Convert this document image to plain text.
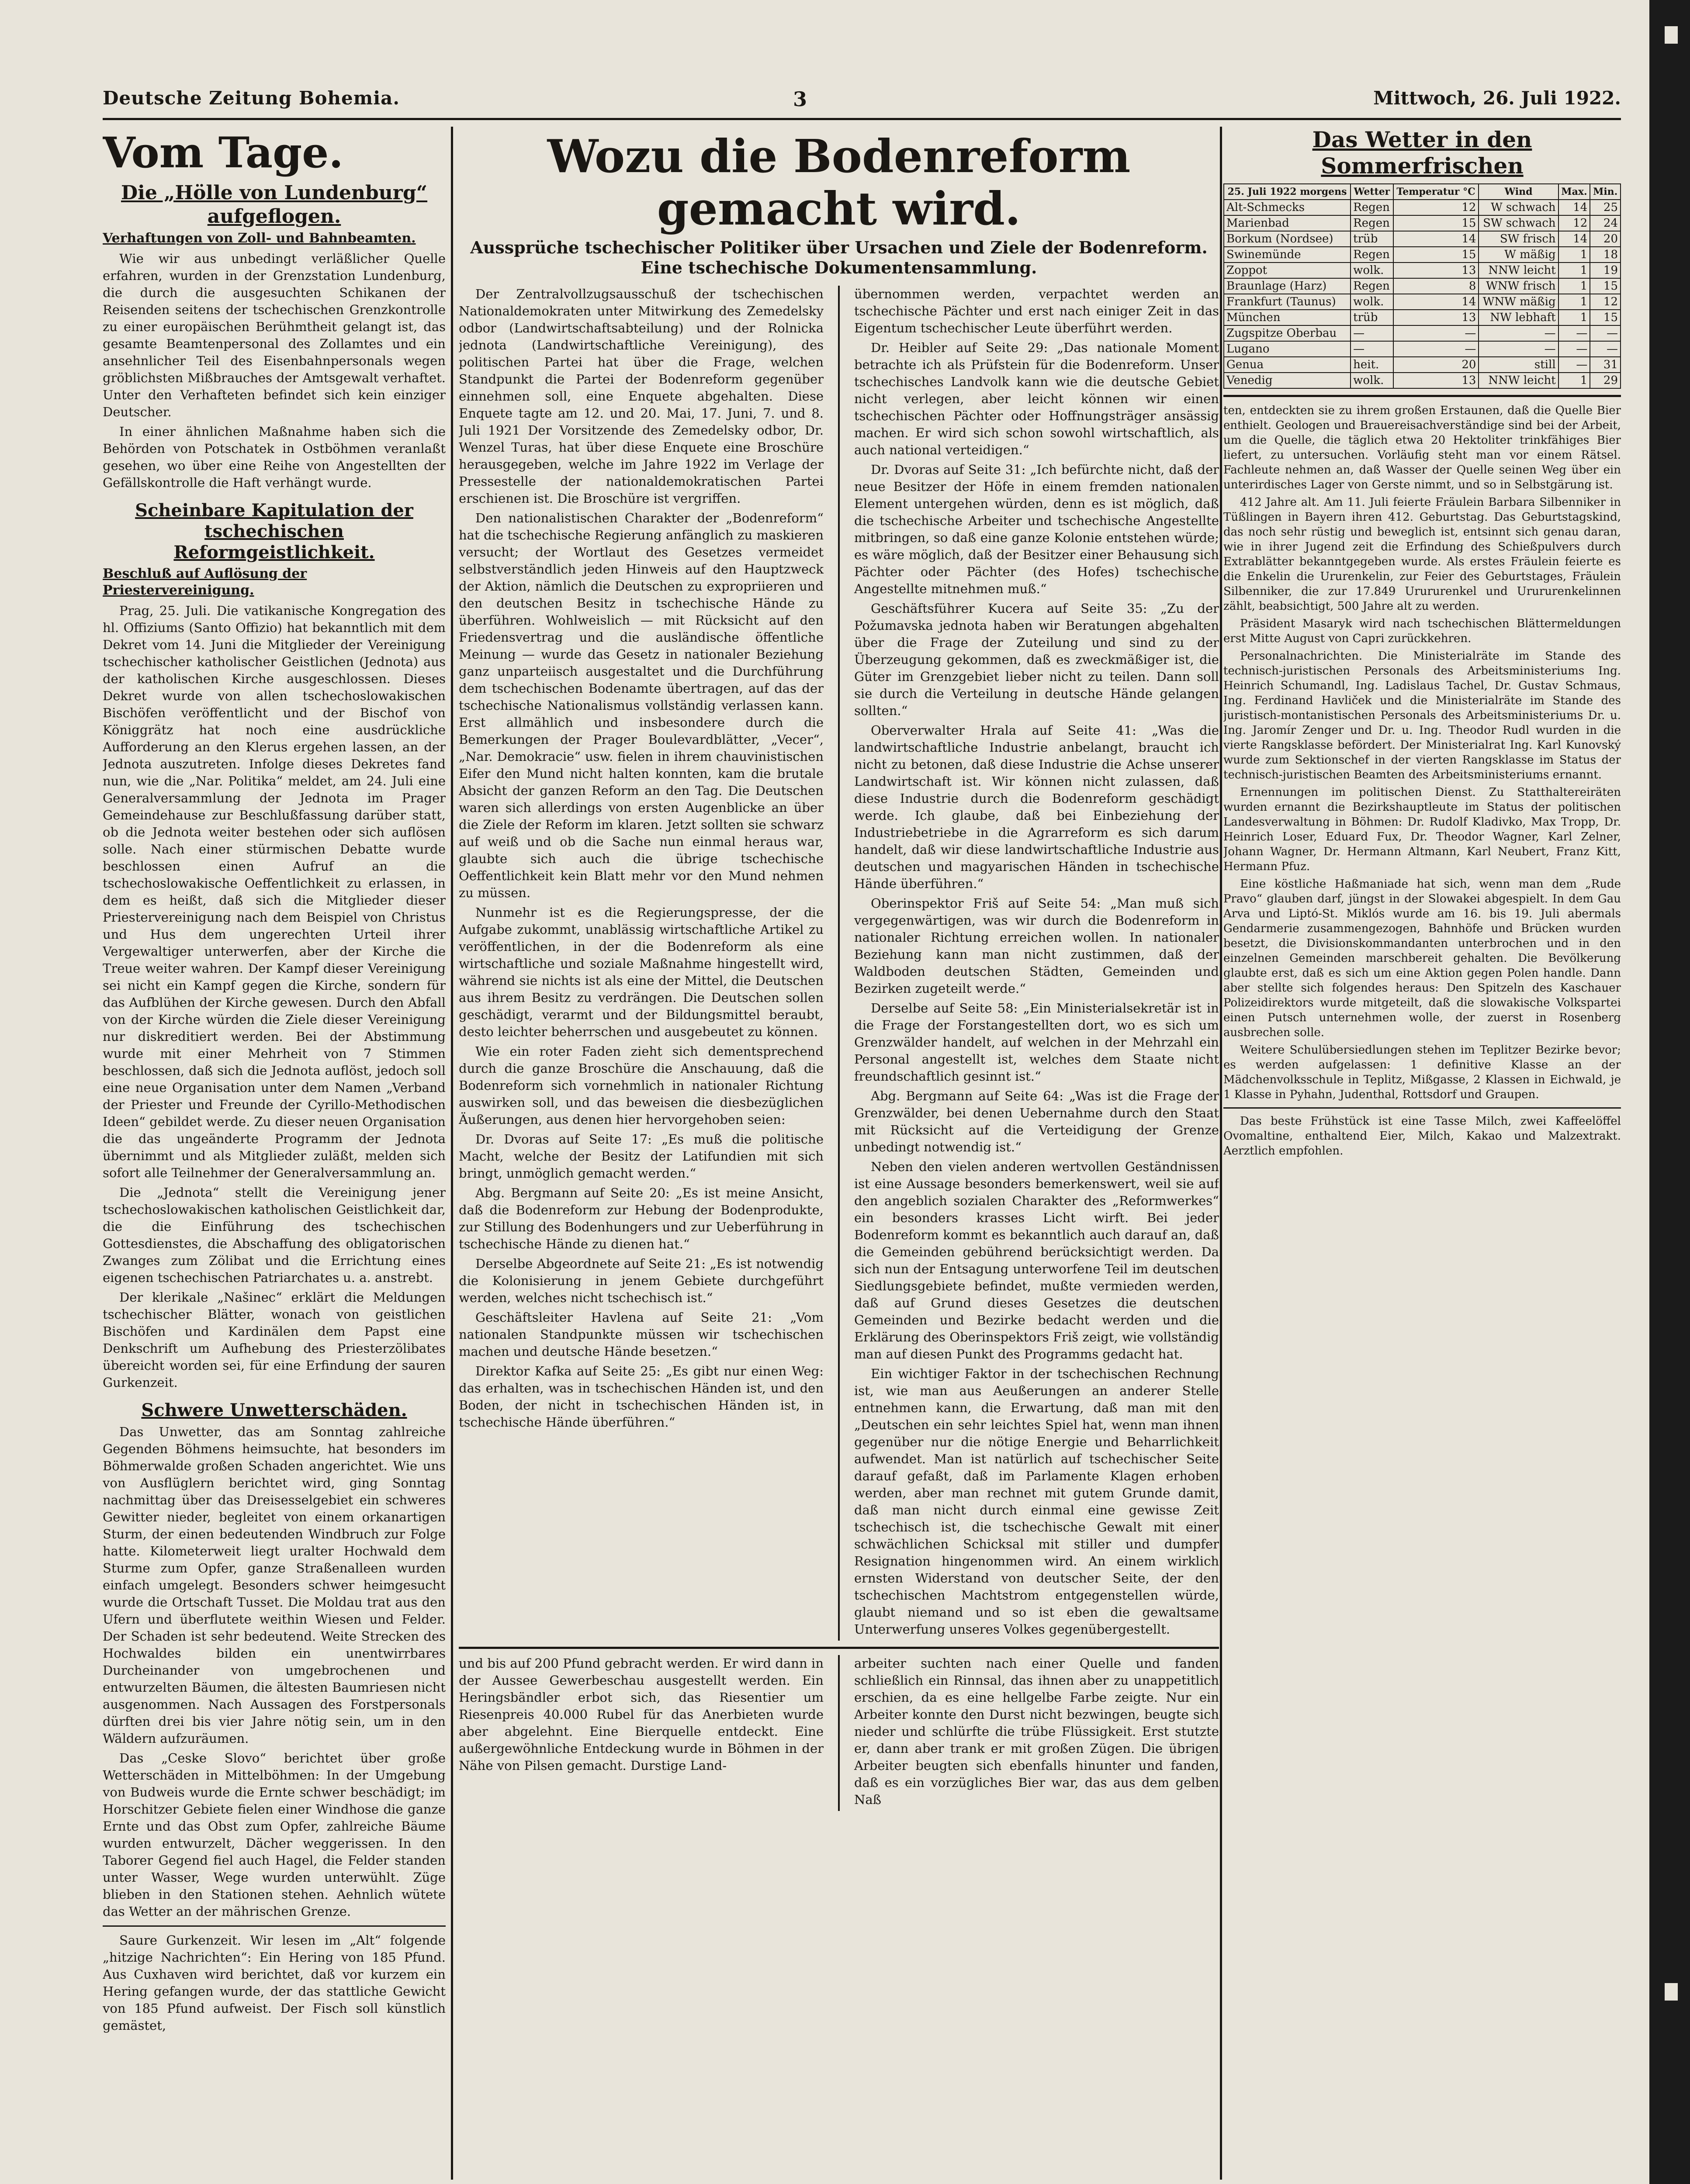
Deutsche Zeitung Bohemia.	3	Mittwoch, 26. Juli 1922.
Vom Tage.
Die „Hölle von Lundenburg“ aufgeflogen.
Verhaftungen von Zoll- und Bahnbeamten.

Wie wir aus unbedingt verläßlicher Quelle erfahren, wurden in der Grenzstation Lundenburg, die durch die ausgesuchten Schikanen der Reisenden seitens der tschechischen Grenzkontrolle zu einer europäischen Berühmtheit gelangt ist, das gesamte Beamtenpersonal des Zollamtes und ein ansehnlicher Teil des Eisenbahnpersonals wegen gröblichsten Mißbrauches der Amtsgewalt verhaftet. Unter den Verhafteten befindet sich kein einziger Deutscher.

In einer ähnlichen Maßnahme haben sich die Behörden von Potschatek in Ostböhmen veranlaßt gesehen, wo über eine Reihe von Angestellten der Gefällskontrolle die Haft verhängt wurde.

Scheinbare Kapitulation der tschechischen Reformgeistlichkeit.
Beschluß auf Auflösung der Priestervereinigung.

Prag, 25. Juli. Die vatikanische Kongregation des hl. Offiziums (Santo Offizio) hat bekanntlich mit dem Dekret vom 14. Juni die Mitglieder der Vereinigung tschechischer katholischer Geistlichen (Jednota) aus der katholischen Kirche ausgeschlossen. Dieses Dekret wurde von allen tschechoslowakischen Bischöfen veröffentlicht und der Bischof von Königgrätz hat noch eine ausdrückliche Aufforderung an den Klerus ergehen lassen, an der Jednota auszutreten. Infolge dieses Dekretes fand nun, wie die „Nar. Politika“ meldet, am 24. Juli eine Generalversammlung der Jednota im Prager Gemeindehause zur Beschlußfassung darüber statt, ob die Jednota weiter bestehen oder sich auflösen solle. Nach einer stürmischen Debatte wurde beschlossen einen Aufruf an die tschechoslowakische Oeffentlichkeit zu erlassen, in dem es heißt, daß sich die Mitglieder dieser Priestervereinigung nach dem Beispiel von Christus und Hus dem ungerechten Urteil ihrer Vergewaltiger unterwerfen, aber der Kirche die Treue weiter wahren. Der Kampf dieser Vereinigung sei nicht ein Kampf gegen die Kirche, sondern für das Aufblühen der Kirche gewesen. Durch den Abfall von der Kirche würden die Ziele dieser Vereinigung nur diskreditiert werden. Bei der Abstimmung wurde mit einer Mehrheit von 7 Stimmen beschlossen, daß sich die Jednota auflöst, jedoch soll eine neue Organisation unter dem Namen „Verband der Priester und Freunde der Cyrillo-Methodischen Ideen“ gebildet werde. Zu dieser neuen Organisation die das ungeänderte Programm der Jednota übernimmt und als Mitglieder zuläßt, melden sich sofort alle Teilnehmer der Generalversammlung an.

Die „Jednota“ stellt die Vereinigung jener tschechoslowakischen katholischen Geistlichkeit dar, die die Einführung des tschechischen Gottesdienstes, die Abschaffung des obligatorischen Zwanges zum Zölibat und die Errichtung eines eigenen tschechischen Patriarchates u. a. anstrebt.

Der klerikale „Našinec“ erklärt die Meldungen tschechischer Blätter, wonach von geistlichen Bischöfen und Kardinälen dem Papst eine Denkschrift um Aufhebung des Priesterzölibates übereicht worden sei, für eine Erfindung der sauren Gurkenzeit.

Schwere Unwetterschäden.

Das Unwetter, das am Sonntag zahlreiche Gegenden Böhmens heimsuchte, hat besonders im Böhmerwalde großen Schaden angerichtet. Wie uns von Ausflüglern berichtet wird, ging Sonntag nachmittag über das Dreisesselgebiet ein schweres Gewitter nieder, begleitet von einem orkanartigen Sturm, der einen bedeutenden Windbruch zur Folge hatte. Kilometerweit liegt uralter Hochwald dem Sturme zum Opfer, ganze Straßenalleen wurden einfach umgelegt. Besonders schwer heimgesucht wurde die Ortschaft Tusset. Die Moldau trat aus den Ufern und überflutete weithin Wiesen und Felder. Der Schaden ist sehr bedeutend. Weite Strecken des Hochwaldes bilden ein unentwirrbares Durcheinander von umgebrochenen und entwurzelten Bäumen, die ältesten Baumriesen nicht ausgenommen. Nach Aussagen des Forstpersonals dürften drei bis vier Jahre nötig sein, um in den Wäldern aufzuräumen.

Das „Ceske Slovo“ berichtet über große Wetterschäden in Mittelböhmen: In der Umgebung von Budweis wurde die Ernte schwer beschädigt; im Horschitzer Gebiete fielen einer Windhose die ganze Ernte und das Obst zum Opfer, zahlreiche Bäume wurden entwurzelt, Dächer weggerissen. In den Taborer Gegend fiel auch Hagel, die Felder standen unter Wasser, Wege wurden unterwühlt. Züge blieben in den Stationen stehen. Aehnlich wütete das Wetter an der mährischen Grenze.

Saure Gurkenzeit. Wir lesen im „Alt“ folgende „hitzige Nachrichten“: Ein Hering von 185 Pfund. Aus Cuxhaven wird berichtet, daß vor kurzem ein Hering gefangen wurde, der das stattliche Gewicht von 185 Pfund aufweist. Der Fisch soll künstlich gemästet,

Wozu die Bodenreform gemacht wird.
Aussprüche tschechischer Politiker über Ursachen und Ziele der Bodenreform.
Eine tschechische Dokumentensammlung.

Der Zentralvollzugsausschuß der tschechischen Nationaldemokraten unter Mitwirkung des Zemedelsky odbor (Landwirtschaftsabteilung) und der Rolnicka jednota (Landwirtschaftliche Vereinigung), des politischen Partei hat über die Frage, welchen Standpunkt die Partei der Bodenreform gegenüber einnehmen soll, eine Enquete abgehalten. Diese Enquete tagte am 12. und 20. Mai, 17. Juni, 7. und 8. Juli 1921 Der Vorsitzende des Zemedelsky odbor, Dr. Wenzel Turas, hat über diese Enquete eine Broschüre herausgegeben, welche im Jahre 1922 im Verlage der Pressestelle der nationaldemokratischen Partei erschienen ist. Die Broschüre ist vergriffen.

Den nationalistischen Charakter der „Bodenreform“ hat die tschechische Regierung anfänglich zu maskieren versucht; der Wortlaut des Gesetzes vermeidet selbstverständlich jeden Hinweis auf den Hauptzweck der Aktion, nämlich die Deutschen zu expropriieren und den deutschen Besitz in tschechische Hände zu überführen. Wohlweislich — mit Rücksicht auf den Friedensvertrag und die ausländische öffentliche Meinung — wurde das Gesetz in nationaler Beziehung ganz unparteiisch ausgestaltet und die Durchführung dem tschechischen Bodenamte übertragen, auf das der tschechische Nationalismus vollständig verlassen kann. Erst allmählich und insbesondere durch die Bemerkungen der Prager Boulevardblätter, „Vecer“, „Nar. Demokracie“ usw. fielen in ihrem chauvinistischen Eifer den Mund nicht halten konnten, kam die brutale Absicht der ganzen Reform an den Tag. Die Deutschen waren sich allerdings von ersten Augenblicke an über die Ziele der Reform im klaren. Jetzt sollten sie schwarz auf weiß und ob die Sache nun einmal heraus war, glaubte sich auch die übrige tschechische Oeffentlichkeit kein Blatt mehr vor den Mund nehmen zu müssen.

Nunmehr ist es die Regierungspresse, der die Aufgabe zukommt, unablässig wirtschaftliche Artikel zu veröffentlichen, in der die Bodenreform als eine wirtschaftliche und soziale Maßnahme hingestellt wird, während sie nichts ist als eine der Mittel, die Deutschen aus ihrem Besitz zu verdrängen. Die Deutschen sollen geschädigt, verarmt und der Bildungsmittel beraubt, desto leichter beherrschen und ausgebeutet zu können.

Wie ein roter Faden zieht sich dementsprechend durch die ganze Broschüre die Anschauung, daß die Bodenreform sich vornehmlich in nationaler Richtung auswirken soll, und das beweisen die diesbezüglichen Äußerungen, aus denen hier hervorgehoben seien:

Dr. Dvoras auf Seite 17: „Es muß die politische Macht, welche der Besitz der Latifundien mit sich bringt, unmöglich gemacht werden.“

Abg. Bergmann auf Seite 20: „Es ist meine Ansicht, daß die Bodenreform zur Hebung der Bodenprodukte, zur Stillung des Bodenhungers und zur Ueberführung in tschechische Hände zu dienen hat.“

Derselbe Abgeordnete auf Seite 21: „Es ist notwendig die Kolonisierung in jenem Gebiete durchgeführt werden, welches nicht tschechisch ist.“

Geschäftsleiter Havlena auf Seite 21: „Vom nationalen Standpunkte müssen wir tschechischen machen und deutsche Hände besetzen.“

Direktor Kafka auf Seite 25: „Es gibt nur einen Weg: das erhalten, was in tschechischen Händen ist, und den Boden, der nicht in tschechischen Händen ist, in tschechische Hände überführen.“

übernommen werden, verpachtet werden an tschechische Pächter und erst nach einiger Zeit in das Eigentum tschechischer Leute überführt werden.

Dr. Heibler auf Seite 29: „Das nationale Moment betrachte ich als Prüfstein für die Bodenreform. Unser tschechisches Landvolk kann wie die deutsche Gebiet nicht verlegen, aber leicht können wir einen tschechischen Pächter oder Hoffnungsträger ansässig machen. Er wird sich schon sowohl wirtschaftlich, als auch national verteidigen.“

Dr. Dvoras auf Seite 31: „Ich befürchte nicht, daß der neue Besitzer der Höfe in einem fremden nationalen Element untergehen würden, denn es ist möglich, daß die tschechische Arbeiter und tschechische Angestellte mitbringen, so daß eine ganze Kolonie entstehen würde; es wäre möglich, daß der Besitzer einer Behausung sich Pächter oder Pächter (des Hofes) tschechische Angestellte mitnehmen muß.“

Geschäftsführer Kucera auf Seite 35: „Zu der Požumavska jednota haben wir Beratungen abgehalten über die Frage der Zuteilung und sind zu der Überzeugung gekommen, daß es zweckmäßiger ist, die Güter im Grenzgebiet lieber nicht zu teilen. Dann soll sie durch die Verteilung in deutsche Hände gelangen sollten.“

Oberverwalter Hrala auf Seite 41: „Was die landwirtschaftliche Industrie anbelangt, braucht ich nicht zu betonen, daß diese Industrie die Achse unserer Landwirtschaft ist. Wir können nicht zulassen, daß diese Industrie durch die Bodenreform geschädigt werde. Ich glaube, daß bei Einbeziehung der Industriebetriebe in die Agrarreform es sich darum handelt, daß wir diese landwirtschaftliche Industrie aus deutschen und magyarischen Händen in tschechische Hände überführen.“

Oberinspektor Friš auf Seite 54: „Man muß sich vergegenwärtigen, was wir durch die Bodenreform in nationaler Richtung erreichen wollen. In nationaler Beziehung kann man nicht zustimmen, daß der Waldboden deutschen Städten, Gemeinden und Bezirken zugeteilt werde.“

Derselbe auf Seite 58: „Ein Ministerialsekretär ist in die Frage der Forstangestellten dort, wo es sich um Grenzwälder handelt, auf welchen in der Mehrzahl ein Personal angestellt ist, welches dem Staate nicht freundschaftlich gesinnt ist.“

Abg. Bergmann auf Seite 64: „Was ist die Frage der Grenzwälder, bei denen Uebernahme durch den Staat mit Rücksicht auf die Verteidigung der Grenze unbedingt notwendig ist.“

Neben den vielen anderen wertvollen Geständnissen ist eine Aussage besonders bemerkenswert, weil sie auf den angeblich sozialen Charakter des „Reformwerkes“ ein besonders krasses Licht wirft. Bei jeder Bodenreform kommt es bekanntlich auch darauf an, daß die Gemeinden gebührend berücksichtigt werden. Da sich nun der Entsagung unterworfene Teil im deutschen Siedlungsgebiete befindet, mußte vermieden werden, daß auf Grund dieses Gesetzes die deutschen Gemeinden und Bezirke bedacht werden und die Erklärung des Oberinspektors Friš zeigt, wie vollständig man auf diesen Punkt des Programms gedacht hat.

Ein wichtiger Faktor in der tschechischen Rechnung ist, wie man aus Aeußerungen an anderer Stelle entnehmen kann, die Erwartung, daß man mit den „Deutschen ein sehr leichtes Spiel hat, wenn man ihnen gegenüber nur die nötige Energie und Beharrlichkeit aufwendet. Man ist natürlich auf tschechischer Seite darauf gefaßt, daß im Parlamente Klagen erhoben werden, aber man rechnet mit gutem Grunde damit, daß man nicht durch einmal eine gewisse Zeit tschechisch ist, die tschechische Gewalt mit einer schwächlichen Schicksal mit stiller und dumpfer Resignation hingenommen wird. An einem wirklich ernsten Widerstand von deutscher Seite, der den tschechischen Machtstrom entgegenstellen würde, glaubt niemand und so ist eben die gewaltsame Unterwerfung unseres Volkes gegenübergestellt.

und bis auf 200 Pfund gebracht werden. Er wird dann in der Aussee Gewerbeschau ausgestellt werden. Ein Heringsbändler erbot sich, das Riesentier um Riesenpreis 40.000 Rubel für das Anerbieten wurde aber abgelehnt. Eine Bierquelle entdeckt. Eine außergewöhnliche Entdeckung wurde in Böhmen in der Nähe von Pilsen gemacht. Durstige Land-

arbeiter suchten nach einer Quelle und fanden schließlich ein Rinnsal, das ihnen aber zu unappetitlich erschien, da es eine hellgelbe Farbe zeigte. Nur ein Arbeiter konnte den Durst nicht bezwingen, beugte sich nieder und schlürfte die trübe Flüssigkeit. Erst stutzte er, dann aber trank er mit großen Zügen. Die übrigen Arbeiter beugten sich ebenfalls hinunter und fanden, daß es ein vorzügliches Bier war, das aus dem gelben Naß

Das Wetter in den Sommerfrischen
25. Juli 1922 morgens	Wetter	Temperatur °C	Wind	Max.	Min.
Alt-Schmecks	Regen	12	W schwach	14	25
Marienbad	Regen	15	SW schwach	12	24
Borkum (Nordsee)	trüb	14	SW frisch	14	20
Swinemünde	Regen	15	W mäßig	1	18
Zoppot	wolk.	13	NNW leicht	1	19
Braunlage (Harz)	Regen	8	WNW frisch	1	15
Frankfurt (Taunus)	wolk.	14	WNW mäßig	1	12
München	trüb	13	NW lebhaft	1	15
Zugspitze Oberbau	—	—	—	—	—
Lugano	—	—	—	—	—
Genua	heit.	20	still	—	31
Venedig	wolk.	13	NNW leicht	1	29

ten, entdeckten sie zu ihrem großen Erstaunen, daß die Quelle Bier enthielt. Geologen und Brauereisachverständige sind bei der Arbeit, um die Quelle, die täglich etwa 20 Hektoliter trinkfähiges Bier liefert, zu untersuchen. Vorläufig steht man vor einem Rätsel. Fachleute nehmen an, daß Wasser der Quelle seinen Weg über ein unterirdisches Lager von Gerste nimmt, und so in Selbstgärung ist.

412 Jahre alt. Am 11. Juli feierte Fräulein Barbara Silbenniker in Tüßlingen in Bayern ihren 412. Geburtstag. Das Geburtstagskind, das noch sehr rüstig und beweglich ist, entsinnt sich genau daran, wie in ihrer Jugend zeit die Erfindung des Schießpulvers durch Extrablätter bekanntgegeben wurde. Als erstes Fräulein feierte es die Enkelin die Ururenkelin, zur Feier des Geburtstages, Fräulein Silbenniker, die zur 17.849 Urururenkel und Urururenkelinnen zählt, beabsichtigt, 500 Jahre alt zu werden.

Präsident Masaryk wird nach tschechischen Blättermeldungen erst Mitte August von Capri zurückkehren.

Personalnachrichten. Die Ministerialräte im Stande des technisch-juristischen Personals des Arbeitsministeriums Ing. Heinrich Schumandl, Ing. Ladislaus Tachel, Dr. Gustav Schmaus, Ing. Ferdinand Havliček und die Ministerialräte im Stande des juristisch-montanistischen Personals des Arbeitsministeriums Dr. u. Ing. Jaromír Zenger und Dr. u. Ing. Theodor Rudl wurden in die vierte Rangsklasse befördert. Der Ministerialrat Ing. Karl Kunovský wurde zum Sektionschef in der vierten Rangsklasse im Status der technisch-juristischen Beamten des Arbeitsministeriums ernannt.

Ernennungen im politischen Dienst. Zu Statthaltereiräten wurden ernannt die Bezirkshauptleute im Status der politischen Landesverwaltung in Böhmen: Dr. Rudolf Kladivko, Max Tropp, Dr. Heinrich Loser, Eduard Fux, Dr. Theodor Wagner, Karl Zelner, Johann Wagner, Dr. Hermann Altmann, Karl Neubert, Franz Kitt, Hermann Pfuz.

Eine köstliche Haßmaniade hat sich, wenn man dem „Rude Pravo“ glauben darf, jüngst in der Slowakei abgespielt. In dem Gau Arva und Liptó-St. Miklós wurde am 16. bis 19. Juli abermals Gendarmerie zusammengezogen, Bahnhöfe und Brücken wurden besetzt, die Divisionskommandanten unterbrochen und in den einzelnen Gemeinden marschbereit gehalten. Die Bevölkerung glaubte erst, daß es sich um eine Aktion gegen Polen handle. Dann aber stellte sich folgendes heraus: Den Spitzeln des Kaschauer Polizeidirektors wurde mitgeteilt, daß die slowakische Volkspartei einen Putsch unternehmen wolle, der zuerst in Rosenberg ausbrechen solle.

Weitere Schulübersiedlungen stehen im Teplitzer Bezirke bevor; es werden aufgelassen: 1 definitive Klasse an der Mädchenvolksschule in Teplitz, Mißgasse, 2 Klassen in Eichwald, je 1 Klasse in Pyhahn, Judenthal, Rottsdorf und Graupen.

Das beste Frühstück ist eine Tasse Milch, zwei Kaffeelöffel Ovomaltine, enthaltend Eier, Milch, Kakao und Malzextrakt. Aerztlich empfohlen.
